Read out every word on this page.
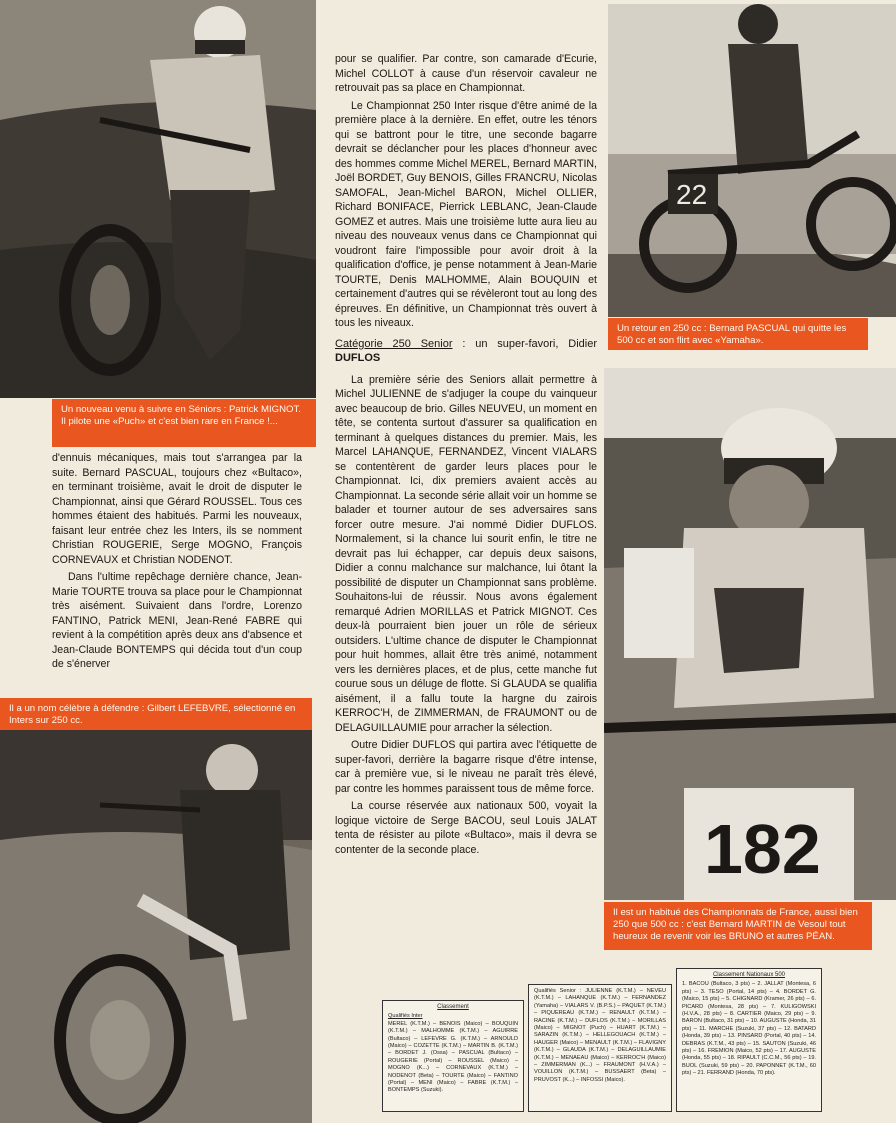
Un nouveau venu à suivre en Séniors : Patrick MIGNOT. Il pilote une «Puch» et c'est bien rare en France !...
22
Un retour en 250 cc : Bernard PASCUAL qui quitte les 500 cc et son flirt avec «Yamaha».
Il a un nom célèbre à défendre : Gilbert LEFEBVRE, sélectionné en Inters sur 250 cc.
182
Il est un habitué des Championnats de France, aussi bien 250 que 500 cc : c'est Bernard MARTIN de Vesoul tout heureux de revenir voir les BRUNO et autres PÉAN.

d'ennuis mécaniques, mais tout s'arrangea par la suite. Bernard PASCUAL, toujours chez «Bultaco», en terminant troisième, avait le droit de disputer le Championnat, ainsi que Gérard ROUSSEL. Tous ces hommes étaient des habitués. Parmi les nouveaux, faisant leur entrée chez les Inters, ils se nomment Christian ROUGERIE, Serge MOGNO, François CORNEVAUX et Christian NODENOT.

Dans l'ultime repêchage dernière chance, Jean-Marie TOURTE trouva sa place pour le Championnat très aisément. Suivaient dans l'ordre, Lorenzo FANTINO, Patrick MENI, Jean-René FABRE qui revient à la compétition après deux ans d'absence et Jean-Claude BONTEMPS qui décida tout d'un coup de s'énerver

pour se qualifier. Par contre, son camarade d'Ecurie, Michel COLLOT à cause d'un réservoir cavaleur ne retrouvait pas sa place en Championnat.

Le Championnat 250 Inter risque d'être animé de la première place à la dernière. En effet, outre les ténors qui se battront pour le titre, une seconde bagarre devrait se déclancher pour les places d'honneur avec des hommes comme Michel MEREL, Bernard MARTIN, Joël BORDET, Guy BENOIS, Gilles FRANCRU, Nicolas SAMOFAL, Jean-Michel BARON, Michel OLLIER, Richard BONIFACE, Pierrick LEBLANC, Jean-Claude GOMEZ et autres. Mais une troisième lutte aura lieu au niveau des nouveaux venus dans ce Championnat qui voudront faire l'impossible pour avoir droit à la qualification d'office, je pense notamment à Jean-Marie TOURTE, Denis MALHOMME, Alain BOUQUIN et certainement d'autres qui se révèleront tout au long des épreuves. En définitive, un Championnat très ouvert à tous les niveaux.

Catégorie 250 Senior : un super-favori, Didier DUFLOS

La première série des Seniors allait permettre à Michel JULIENNE de s'adjuger la coupe du vainqueur avec beaucoup de brio. Gilles NEUVEU, un moment en tête, se contenta surtout d'assurer sa qualification en terminant à quelques distances du premier. Mais, les Marcel LAHANQUE, FERNANDEZ, Vincent VIALARS se contentèrent de garder leurs places pour le Championnat. Ici, dix premiers avaient accès au Championnat. La seconde série allait voir un homme se balader et tourner autour de ses adversaires sans forcer outre mesure. J'ai nommé Didier DUFLOS. Normalement, si la chance lui sourit enfin, le titre ne devrait pas lui échapper, car depuis deux saisons, Didier a connu malchance sur malchance, lui ôtant la possibilité de disputer un Championnat sans problème. Souhaitons-lui de réussir. Nous avons également remarqué Adrien MORILLAS et Patrick MIGNOT. Ces deux-là pourraient bien jouer un rôle de sérieux outsiders. L'ultime chance de disputer le Championnat pour huit hommes, allait être très animé, notamment vers les dernières places, et de plus, cette manche fut courue sous un déluge de flotte. Si GLAUDA se qualifia aisément, il a fallu toute la hargne du zairois KERROC'H, de ZIMMERMAN, de FRAUMONT ou de DELAGUILLAUMIE pour arracher la sélection.

Outre Didier DUFLOS qui partira avec l'étiquette de super-favori, derrière la bagarre risque d'être intense, car à première vue, si le niveau ne paraît très élevé, par contre les hommes paraissent tous de même force.

La course réservée aux nationaux 500, voyait la logique victoire de Serge BACOU, seul Louis JALAT tenta de résister au pilote «Bultaco», mais il devra se contenter de la seconde place.

Classement
Qualifiés Inter

MEREL (K.T.M.) – BENOIS (Maico) – BOUQUIN (K.T.M.) – MALHOMME (K.T.M.) – AGUIRRE (Bultaco) – LEFEVRE G. (K.T.M.) – ARNOULD (Maico) – COZETTE (K.T.M.) – MARTIN B. (K.T.M.) – BORDET J. (Ossa) – PASCUAL (Bultaco) – ROUGERIE (Portal) – ROUSSEL (Maico) – MOGNO (K...) – CORNEVAUX (K.T.M.) – NODENOT (Beta) – TOURTE (Maico) – FANTINO (Portal) – MENI (Maico) – FABRE (K.T.M.) – BONTEMPS (Suzuki).

Qualifiés Senior : JULIENNE (K.T.M.) – NEVEU (K.T.M.) – LAHANQUE (K.T.M.) – FERNANDEZ (Yamaha) – VIALARS V. (B.P.S.) – PAQUET (K.T.M.) – PIQUEREAU (K.T.M.) – RENAULT (K.T.M.) – RACINE (K.T.M.) – DUFLOS (K.T.M.) – MORILLAS (Maico) – MIGNOT (Puch) – HUART (K.T.M.) – SARAZIN (K.T.M.) – HELLEGOUACH (K.T.M.) – HAUGER (Maico) – MENAULT (K.T.M.) – FLAVIGNY (K.T.M.) – GLAUDA (K.T.M.) – DELAGUILLAUMIE (K.T.M.) – MENAEAU (Maico) – KERROC'H (Maico) – ZIMMERMAN (K...) – FRAUMONT (H.V.A.) – VOUILLON (K.T.M.) – BUSSAERT (Beta) – PRUVOST (K...) – INFOSSI (Maico).

Classement Nationaux 500

1. BACOU (Bultaco, 3 pts) – 2. JALLAT (Montesa, 6 pts) – 3. TESO (Portal, 14 pts) – 4. BORDET G. (Maico, 15 pts) – 5. CHIGNARD (Kramer, 26 pts) – 6. PICARD (Montesa, 28 pts) – 7. KULIGOWSKI (H.V.A., 28 pts) – 8. CARTIER (Maico, 29 pts) – 9. BARON (Bultaco, 31 pts) – 10. AUGUSTE (Honda, 31 pts) – 11. MARCHE (Suzuki, 37 pts) – 12. BATARD (Honda, 39 pts) – 13. PINSARD (Portal, 40 pts) – 14. DEBRAS (K.T.M., 43 pts) – 15. SAUTON (Suzuki, 46 pts) – 16. FREMION (Maico, 52 pts) – 17. AUGUSTE (Honda, 55 pts) – 18. RIPAULT (C.C.M., 56 pts) – 19. BUOL (Suzuki, 59 pts) – 20. PAPONNET (K.T.M., 60 pts) – 21. FERRAND (Honda, 70 pts).
